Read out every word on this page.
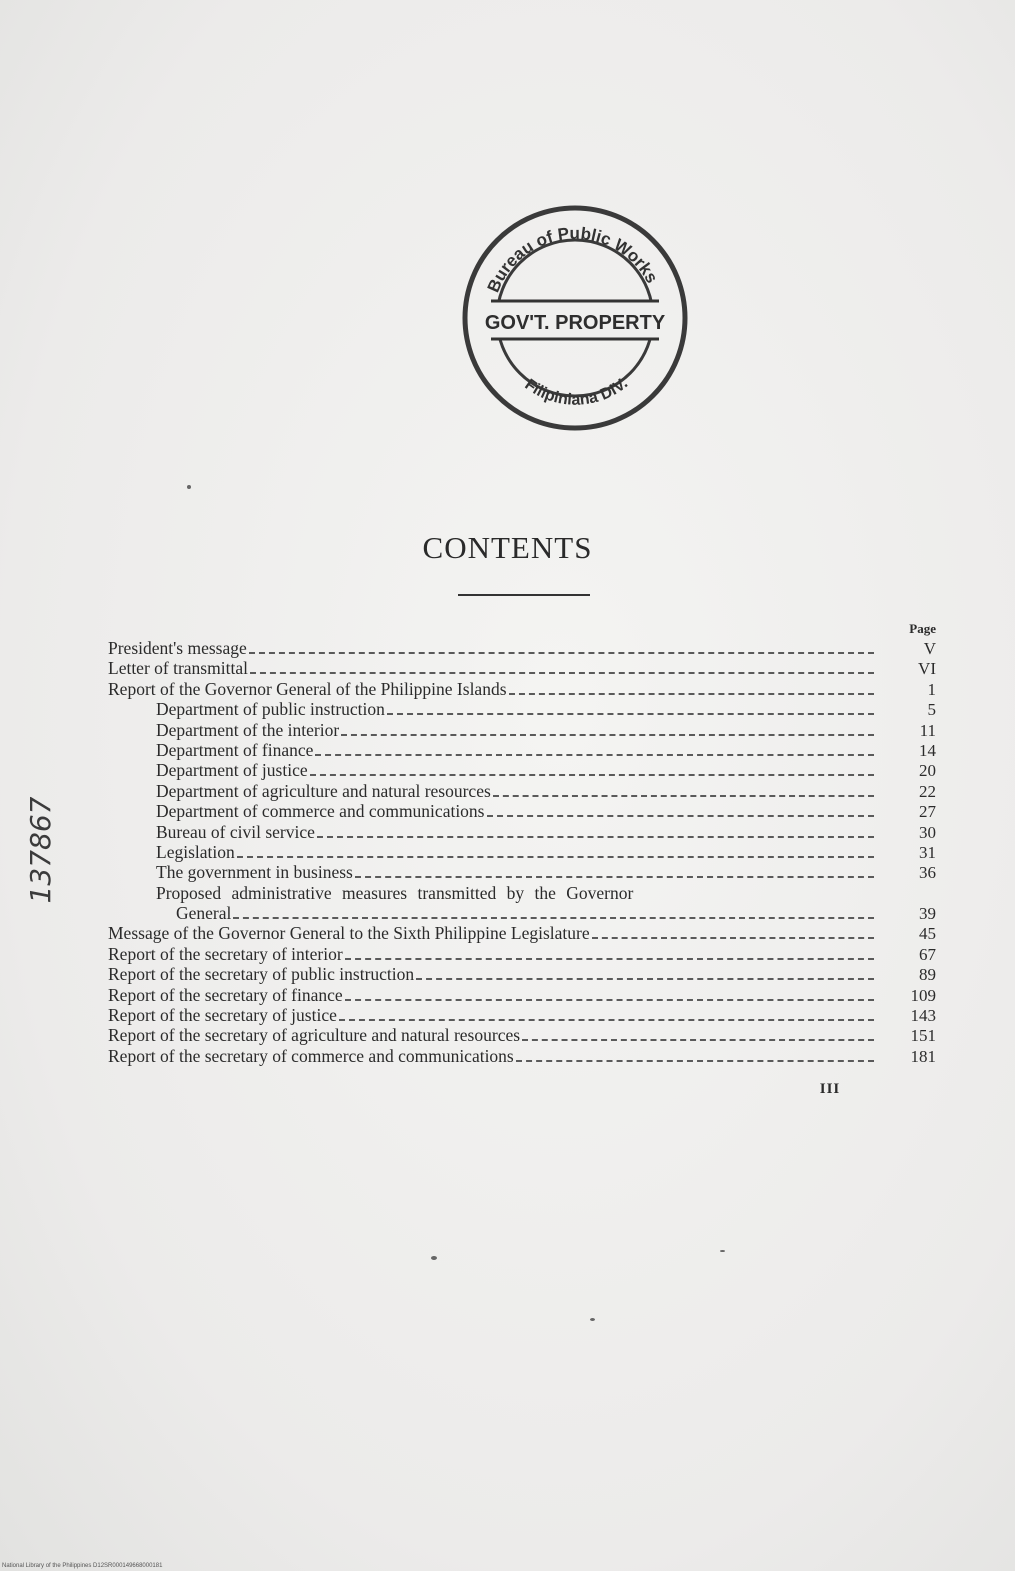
GOV'T. PROPERTY
Bureau of Public Works
Filipiniana DIV.
CONTENTS
Page
President's message	V
Letter of transmittal	VI
Report of the Governor General of the Philippine Islands	1
Department of public instruction	5
Department of the interior	11
Department of finance	14
Department of justice	20
Department of agriculture and natural resources	22
Department of commerce and communications	27
Bureau of civil service	30
Legislation	31
The government in business	36
Proposed administrative measures transmitted by the Governor
General	39
Message of the Governor General to the Sixth Philippine Legislature	45
Report of the secretary of interior	67
Report of the secretary of public instruction	89
Report of the secretary of finance	109
Report of the secretary of justice	143
Report of the secretary of agriculture and natural resources	151
Report of the secretary of commerce and communications	181
III
137867
National Library of the Philippines D12SR000149668000181
